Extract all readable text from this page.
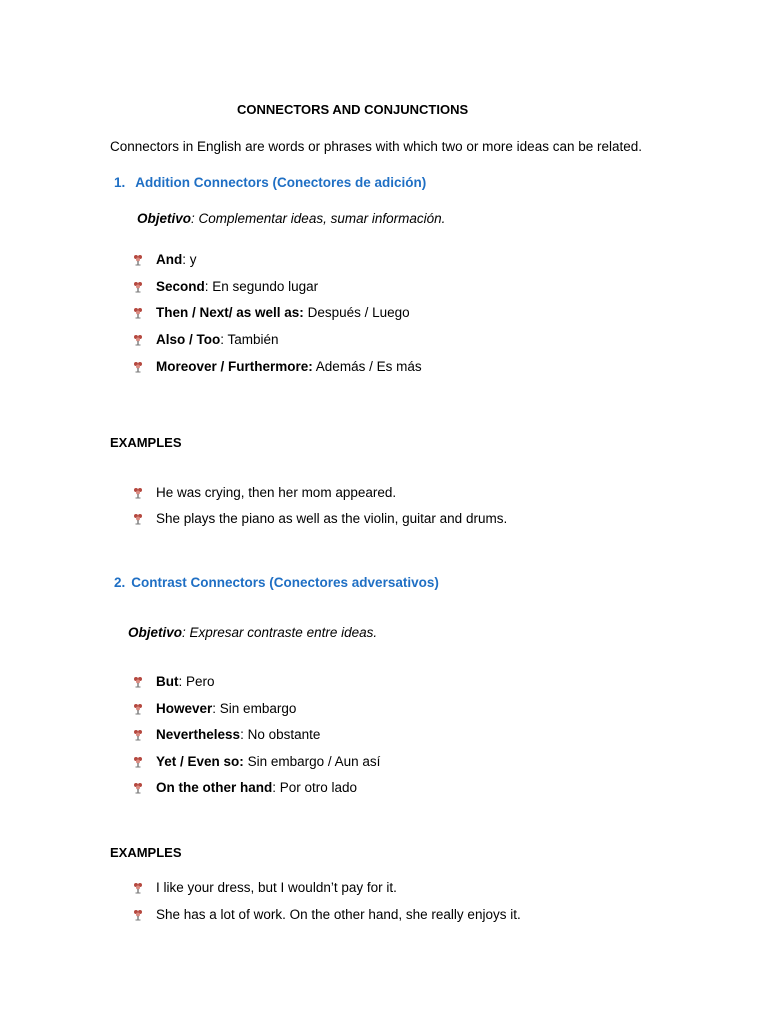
CONNECTORS AND CONJUNCTIONS
Connectors in English are words or phrases with which two or more ideas can be related.
1. Addition Connectors (Conectores de adición)
Objetivo: Complementar ideas, sumar información.
And: y
Second: En segundo lugar
Then / Next/ as well as: Después / Luego
Also / Too: También
Moreover / Furthermore: Además / Es más
EXAMPLES
He was crying, then her mom appeared.
She plays the piano as well as the violin, guitar and drums.
2. Contrast Connectors (Conectores adversativos)
Objetivo: Expresar contraste entre ideas.
But: Pero
However: Sin embargo
Nevertheless: No obstante
Yet / Even so: Sin embargo / Aun así
On the other hand: Por otro lado
EXAMPLES
I like your dress, but I wouldn’t pay for it.
She has a lot of work. On the other hand, she really enjoys it.
